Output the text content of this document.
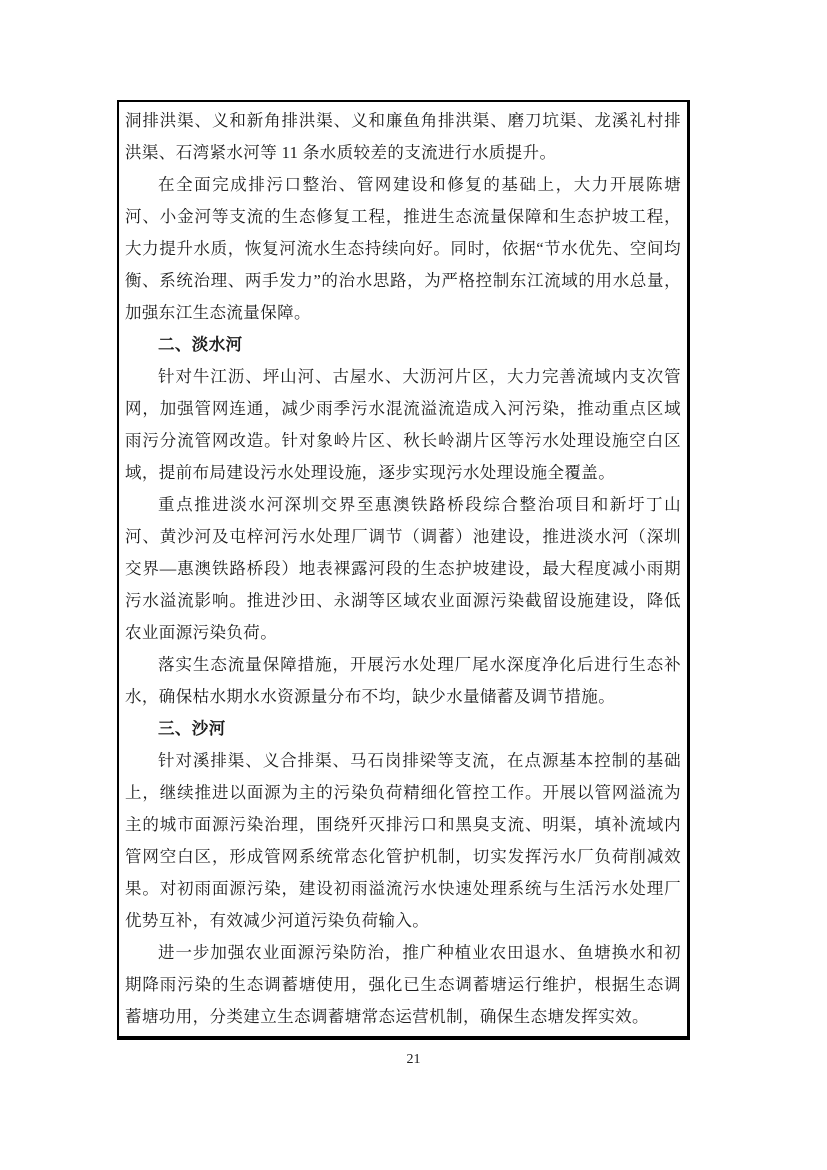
洞排洪渠、义和新角排洪渠、义和廉鱼角排洪渠、磨刀坑渠、龙溪礼村排洪渠、石湾紧水河等 11 条水质较差的支流进行水质提升。

在全面完成排污口整治、管网建设和修复的基础上，大力开展陈塘河、小金河等支流的生态修复工程，推进生态流量保障和生态护坡工程，大力提升水质，恢复河流水生态持续向好。同时，依据“节水优先、空间均衡、系统治理、两手发力”的治水思路，为严格控制东江流域的用水总量，加强东江生态流量保障。

二、淡水河

针对牛江沥、坪山河、古屋水、大沥河片区，大力完善流域内支次管网，加强管网连通，减少雨季污水混流溢流造成入河污染，推动重点区域雨污分流管网改造。针对象岭片区、秋长岭湖片区等污水处理设施空白区域，提前布局建设污水处理设施，逐步实现污水处理设施全覆盖。

重点推进淡水河深圳交界至惠澳铁路桥段综合整治项目和新圩丁山河、黄沙河及屯梓河污水处理厂调节（调蓄）池建设，推进淡水河（深圳交界—惠澳铁路桥段）地表裸露河段的生态护坡建设，最大程度减小雨期污水溢流影响。推进沙田、永湖等区域农业面源污染截留设施建设，降低农业面源污染负荷。

落实生态流量保障措施，开展污水处理厂尾水深度净化后进行生态补水，确保枯水期水水资源量分布不均，缺少水量储蓄及调节措施。

三、沙河

针对溪排渠、义合排渠、马石岗排梁等支流，在点源基本控制的基础上，继续推进以面源为主的污染负荷精细化管控工作。开展以管网溢流为主的城市面源污染治理，围绕歼灭排污口和黑臭支流、明渠，填补流域内管网空白区，形成管网系统常态化管护机制，切实发挥污水厂负荷削减效果。对初雨面源污染，建设初雨溢流污水快速处理系统与生活污水处理厂优势互补，有效减少河道污染负荷输入。

进一步加强农业面源污染防治，推广种植业农田退水、鱼塘换水和初期降雨污染的生态调蓄塘使用，强化已生态调蓄塘运行维护，根据生态调蓄塘功用，分类建立生态调蓄塘常态运营机制，确保生态塘发挥实效。

21
